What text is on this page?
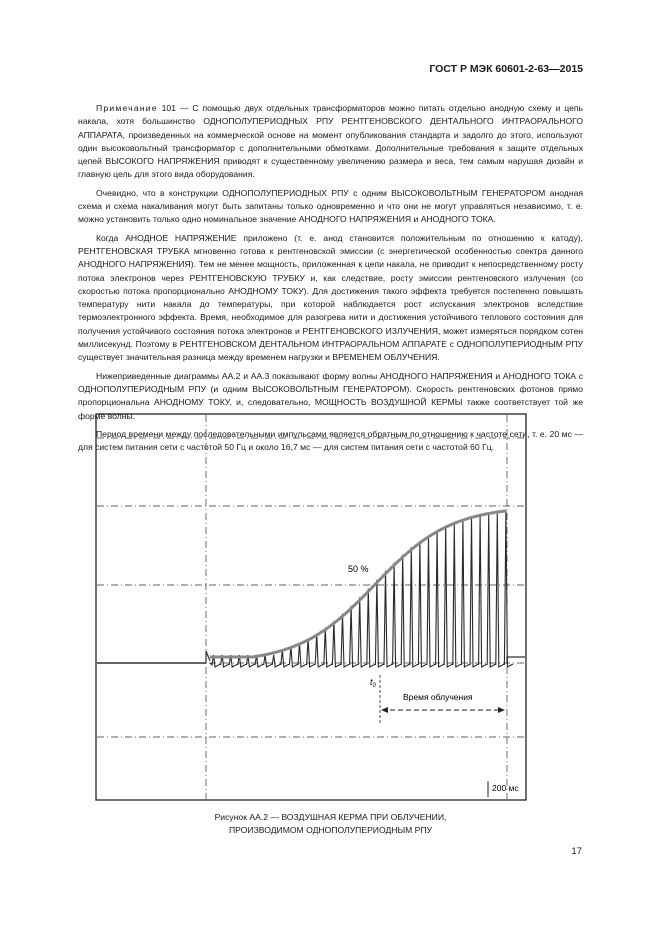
ГОСТ Р МЭК 60601-2-63—2015

Примечание 101 — С помощью двух отдельных трансформаторов можно питать отдельно анодную схему и цепь накала, хотя большинство ОДНОПОЛУПЕРИОДНЫХ РПУ РЕНТГЕНОВСКОГО ДЕНТАЛЬНОГО ИНТРАОРАЛЬНОГО АППАРАТА, произведенных на коммерческой основе на момент опубликования стандарта и задолго до этого, используют один высоковольтный трансформатор с дополнительными обмотками. Дополнительные требования к защите отдельных цепей ВЫСОКОГО НАПРЯЖЕНИЯ приводят к существенному увеличению размера и веса, тем самым нарушая дизайн и главную цель для этого вида оборудования.

Очевидно, что в конструкции ОДНОПОЛУПЕРИОДНЫХ РПУ с одним ВЫСОКОВОЛЬТНЫМ ГЕНЕРАТОРОМ анодная схема и схема накаливания могут быть запитаны только одновременно и что они не могут управляться независимо, т. е. можно установить только одно номинальное значение АНОДНОГО НАПРЯЖЕНИЯ и АНОДНОГО ТОКА.

Когда АНОДНОЕ НАПРЯЖЕНИЕ приложено (т. е. анод становится положительным по отношению к катоду), РЕНТГЕНОВСКАЯ ТРУБКА мгновенно готова к рентгеновской эмиссии (с энергетической особенностью спектра данного АНОДНОГО НАПРЯЖЕНИЯ). Тем не менее мощность, приложенная к цепи накала, не приводит к непосредственному росту потока электронов через РЕНТГЕНОВСКУЮ ТРУБКУ и, как следствие, росту эмиссии рентгеновского излучения (со скоростью потока пропорционально АНОДНОМУ ТОКУ). Для достижения такого эффекта требуется постепенно повышать температуру нити накала до температуры, при которой наблюдается рост испускания электронов вследствие термоэлектронного эффекта. Время, необходимое для разогрева нити и достижения устойчивого теплового состояния для получения устойчивого состояния потока электронов и РЕНТГЕНОВСКОГО ИЗЛУЧЕНИЯ, может измеряться порядком сотен миллисекунд. Поэтому в РЕНТГЕНОВСКОМ ДЕНТАЛЬНОМ ИНТРАОРАЛЬНОМ АППАРАТЕ с ОДНОПОЛУПЕРИОДНЫМ РПУ существует значительная разница между временем нагрузки и ВРЕМЕНЕМ ОБЛУЧЕНИЯ.

Нижеприведенные диаграммы АА.2 и АА.3 показывают форму волны АНОДНОГО НАПРЯЖЕНИЯ и АНОДНОГО ТОКА с ОДНОПОЛУПЕРИОДНЫМ РПУ (и одним ВЫСОКОВОЛЬТНЫМ ГЕНЕРАТОРОМ). Скорость рентгеновских фотонов прямо пропорциональна АНОДНОМУ ТОКУ, и, следовательно, МОЩНОСТЬ ВОЗДУШНОЙ КЕРМЫ также соответствует той же форме волны.

Период времени между последовательными импульсами является обратным по отношению к частоте сети, т. е. 20 мс — для систем питания сети с частотой 50 Гц и около 16,7 мс — для систем питания сети с частотой 60 Гц.

50 %
$t_0$
Время облучения
200 мс
Рисунок АА.2 — ВОЗДУШНАЯ КЕРМА ПРИ ОБЛУЧЕНИИ,
ПРОИЗВОДИМОМ ОДНОПОЛУПЕРИОДНЫМ РПУ
17
